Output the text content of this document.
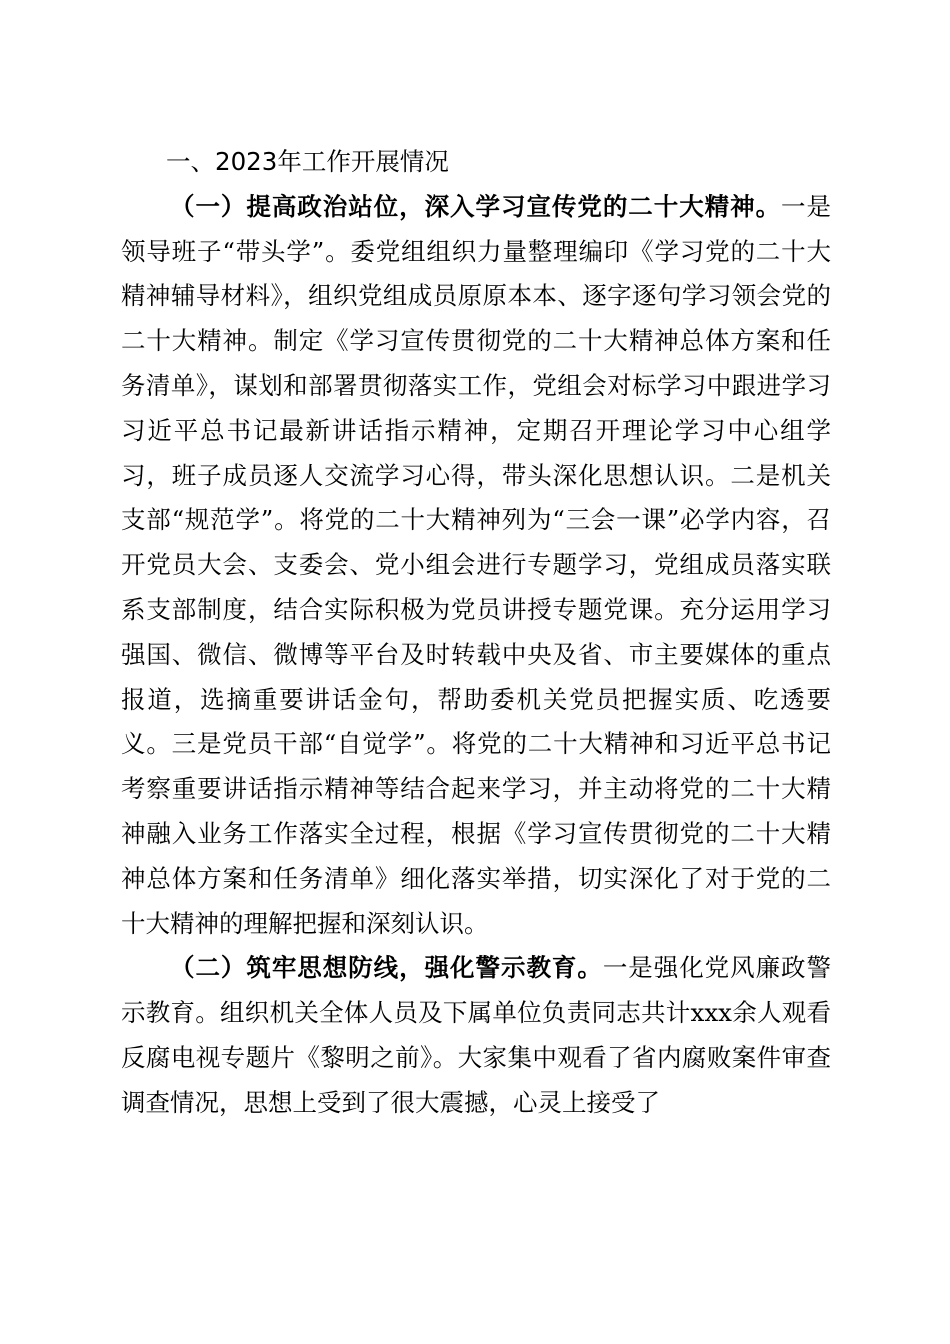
一、2023年工作开展情况

（一）提高政治站位，深入学习宣传党的二十大精神。一是领导班子“带头学”。委党组组织力量整理编印《学习党的二十大精神辅导材料》，组织党组成员原原本本、逐字逐句学习领会党的二十大精神。制定《学习宣传贯彻党的二十大精神总体方案和任务清单》，谋划和部署贯彻落实工作，党组会对标学习中跟进学习习近平总书记最新讲话指示精神，定期召开理论学习中心组学习，班子成员逐人交流学习心得，带头深化思想认识。二是机关支部“规范学”。将党的二十大精神列为“三会一课”必学内容，召开党员大会、支委会、党小组会进行专题学习，党组成员落实联系支部制度，结合实际积极为党员讲授专题党课。充分运用学习强国、微信、微博等平台及时转载中央及省、市主要媒体的重点报道，选摘重要讲话金句，帮助委机关党员把握实质、吃透要义。三是党员干部“自觉学”。将党的二十大精神和习近平总书记考察重要讲话指示精神等结合起来学习，并主动将党的二十大精神融入业务工作落实全过程，根据《学习宣传贯彻党的二十大精神总体方案和任务清单》细化落实举措，切实深化了对于党的二十大精神的理解把握和深刻认识。

（二）筑牢思想防线，强化警示教育。一是强化党风廉政警示教育。组织机关全体人员及下属单位负责同志共计xxx余人观看反腐电视专题片《黎明之前》。大家集中观看了省内腐败案件审查调查情况，思想上受到了很大震撼，心灵上接受了
